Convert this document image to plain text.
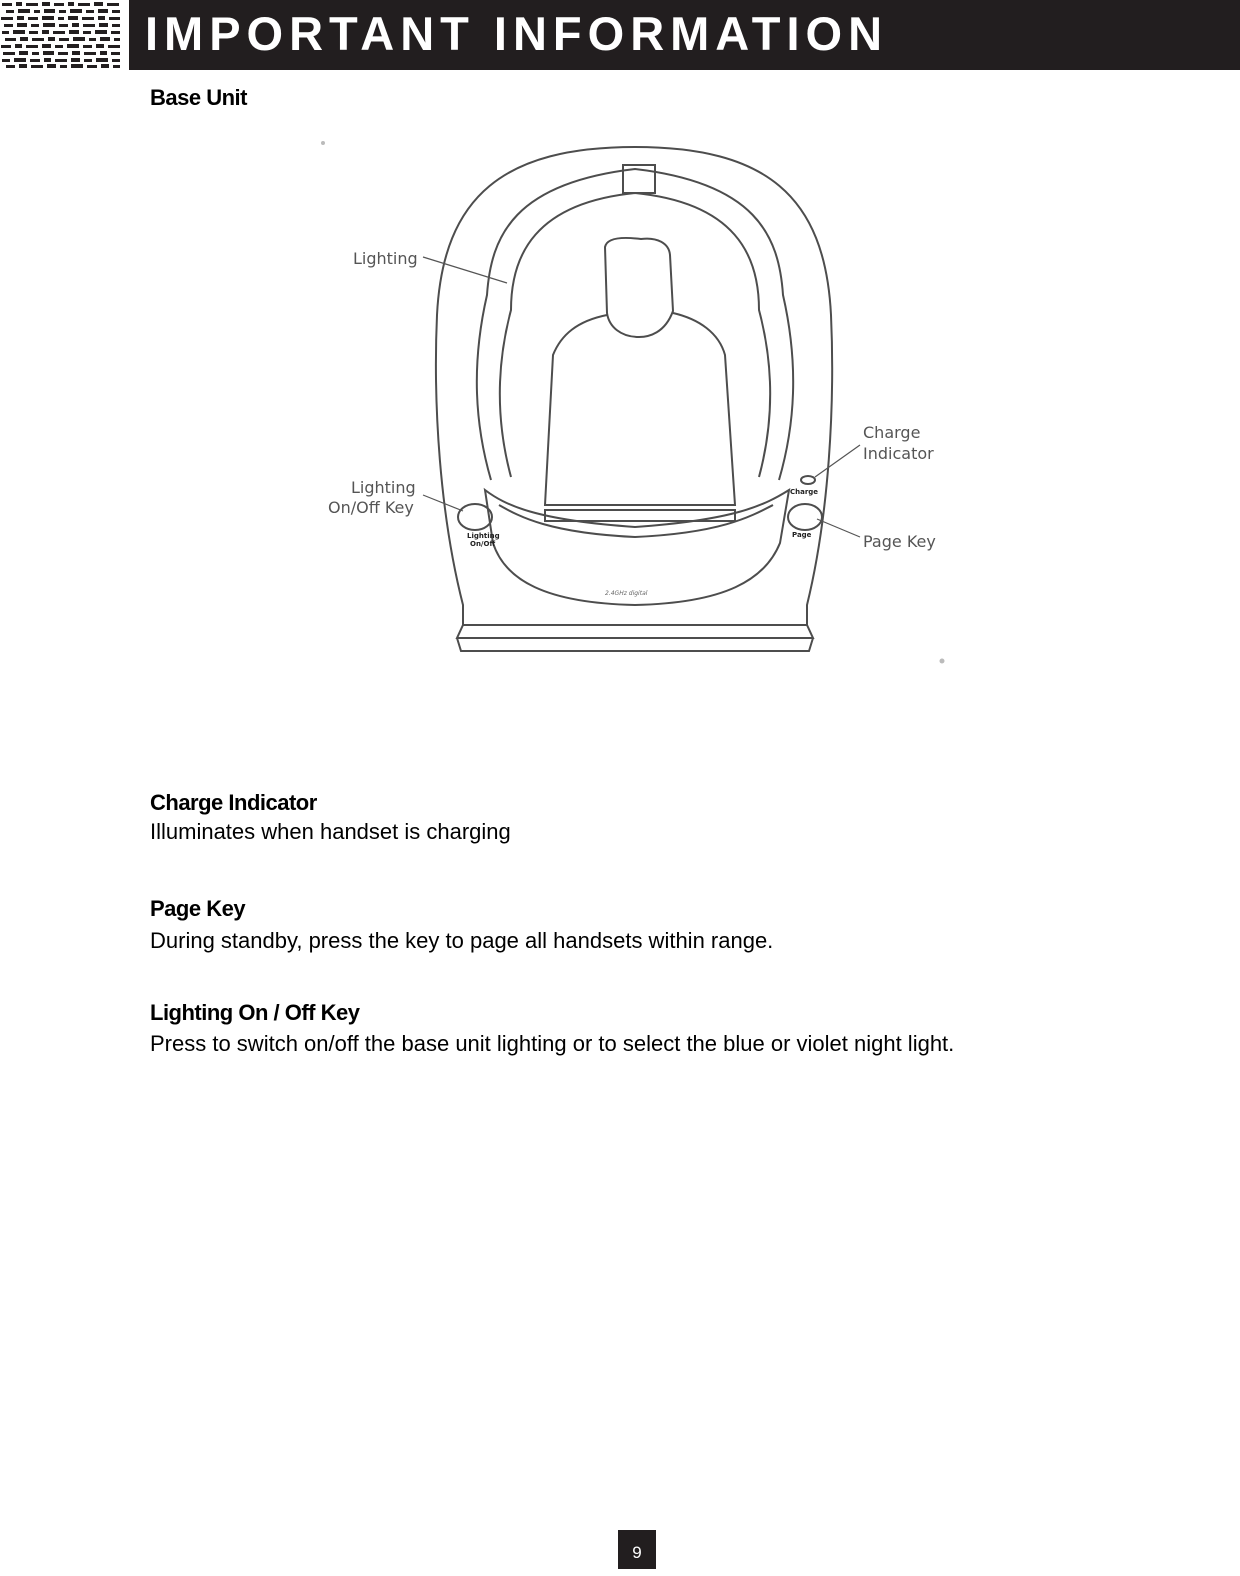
IMPORTANT INFORMATION
Base Unit
Lighting
Lighting
On/Off Key
Charge
Indicator
Page Key
Lighting
On/Off
Charge
Page
2.4GHz digital
Charge Indicator

Illuminates when handset is charging

Page Key

During standby, press the key to page all handsets within range.

Lighting On / Off Key

Press to switch on/off the base unit lighting or to select the blue or violet night light.

9
